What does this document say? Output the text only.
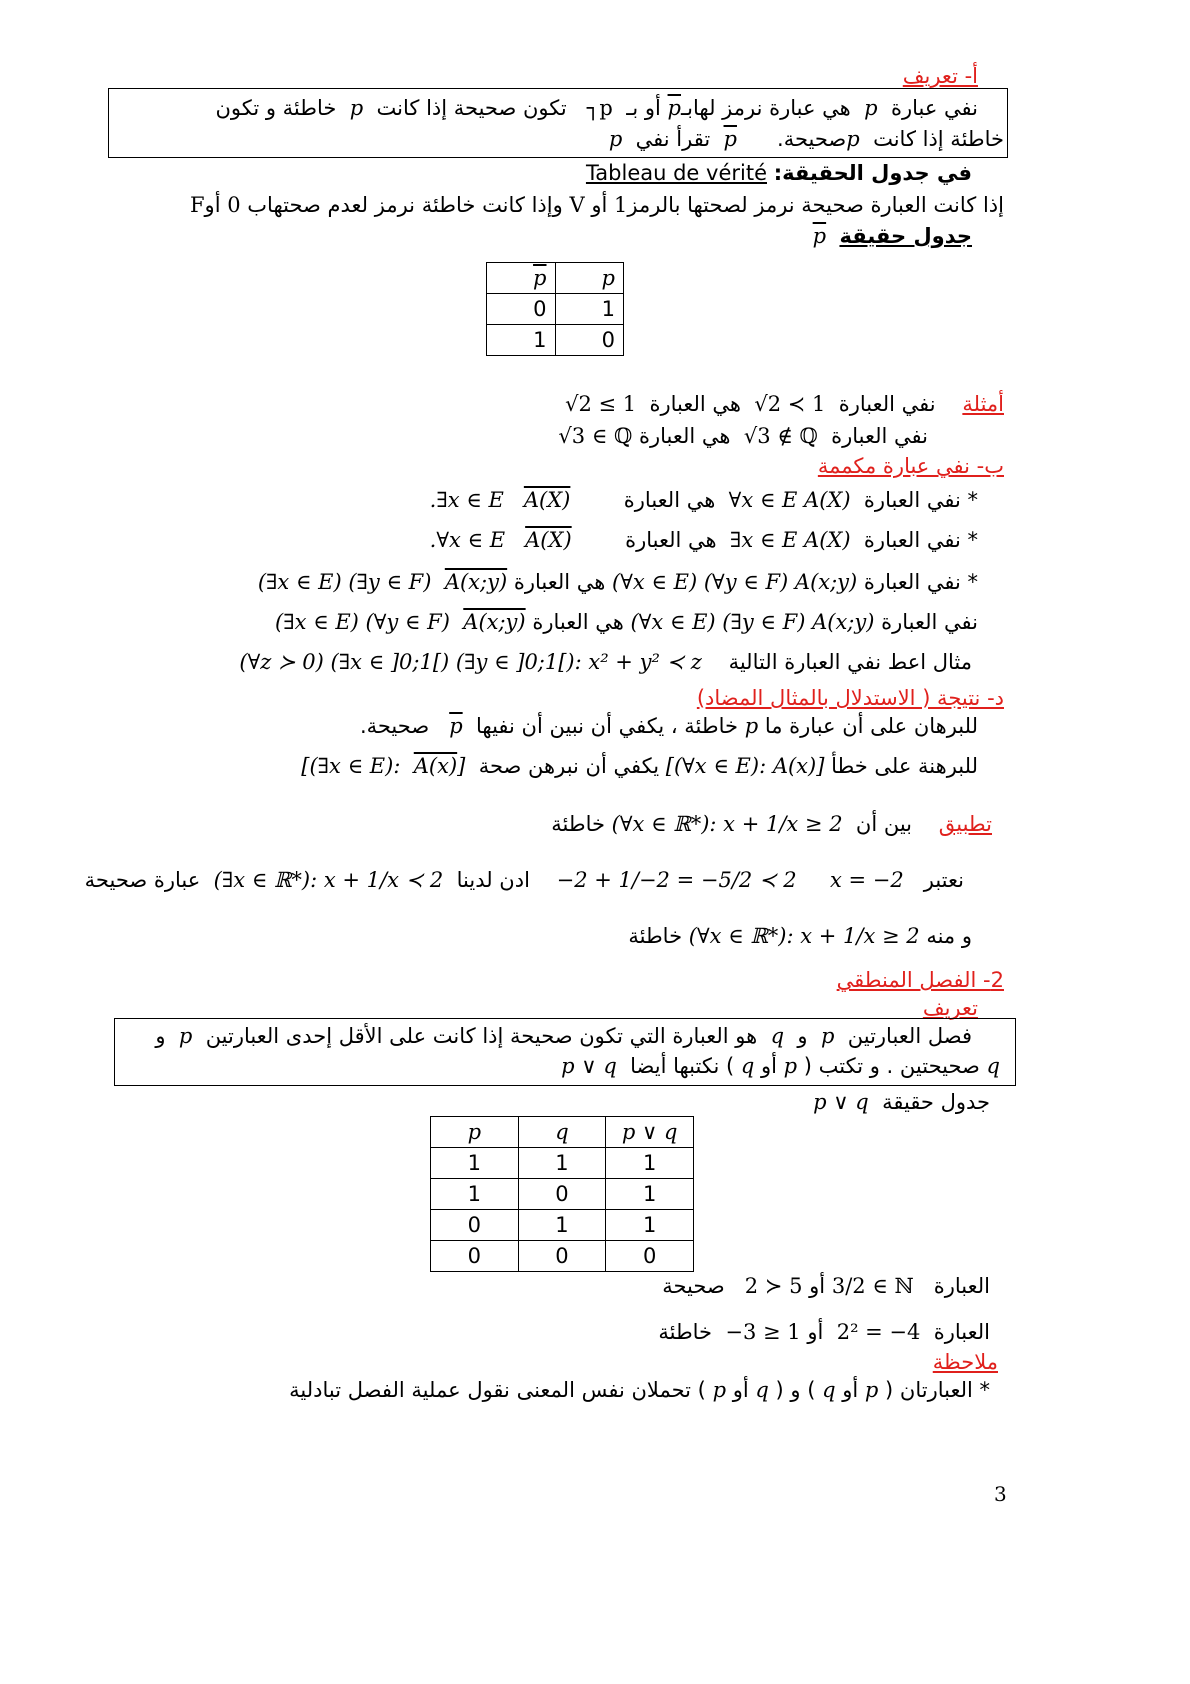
أ- تعريف
نفي عبارة  p  هي عبارة نرمز $لهابـ\overline{p}$ أو بـ  ┐p   تكون صحيحة إذا كانت  p  خاطئة و تكون
خاطئة إذا كانت  pصحيحة.      $\overline{p}$  تقرأ نفي  p
في جدول الحقيقة: Tableau de vérité
إذا كانت العبارة صحيحة نرمز لصحتها بالرمز1 أو V وإذا كانت خاطئة نرمز لعدم صحتهاب 0 أوF
جدول حقيقة  $\overline{p}$
$\overline{p}$	p
0	1
1	0
أمثلة    نفي العبارة  √2 ≺ 1  هي العبارة  √2 ≤ 1
نفي العبارة  √3 ∉ ℚ  هي العبارة √3 ∈ ℚ
ب- نفي عبارة مكممة
* نفي العبارة  ∀x ∈ E A(X)  هي العبارة        .∃x ∈ E A(X)
* نفي العبارة  ∃x ∈ E A(X)  هي العبارة        .∀x ∈ E A(X)
* نفي العبارة (∀x ∈ E) (∀y ∈ F) A(x;y) هي العبارة (∃x ∈ E) (∃y ∈ F) A(x;y)
نفي العبارة (∀x ∈ E) (∃y ∈ F) A(x;y) هي العبارة (∃x ∈ E) (∀y ∈ F) A(x;y)
مثال اعط نفي العبارة التالية    (∀z ≻ 0) (∃x ∈ ]0;1[) (∃y ∈ ]0;1[): x² + y² ≺ z
د- نتيجة ( الاستدلال بالمثال المضاد)
للبرهان على أن عبارة ما p خاطئة ، يكفي أن نبين أن نفيها  $\overline{p}$   صحيحة.
للبرهنة على خطأ [(∀x ∈ E): A(x)] يكفي أن نبرهن صحة  [(∃x ∈ E): A(x)]
تطبيق    بين أن  (∀x ∈ ℝ*): x + 1/x ≥ 2 خاطئة
نعتبر   x = −2     −2 + 1/−2 = −5/2 ≺ 2    ادن لدينا  (∃x ∈ ℝ*): x + 1/x ≺ 2  عبارة صحيحة
و منه (∀x ∈ ℝ*): x + 1/x ≥ 2 خاطئة
2- الفصل المنطقي
تعريف
فصل العبارتين  p  و  q  هو العبارة التي تكون صحيحة إذا كانت على الأقل إحدى العبارتين  p  و
q صحيحتين . و تكتب ( p أو q ) نكتبها أيضا  p ∨ q
جدول حقيقة  p ∨ q
p	q	p ∨ q
1	1	1
1	0	1
0	1	1
0	0	0
العبارة   3/2 ∈ ℕ أو 2 ≻ 5   صحيحة
العبارة  2² = −4  أو −3 ≥ 1  خاطئة
ملاحظة
* العبارتان ( p أو q ) و ( q أو p ) تحملان نفس المعنى نقول عملية الفصل تبادلية
3
